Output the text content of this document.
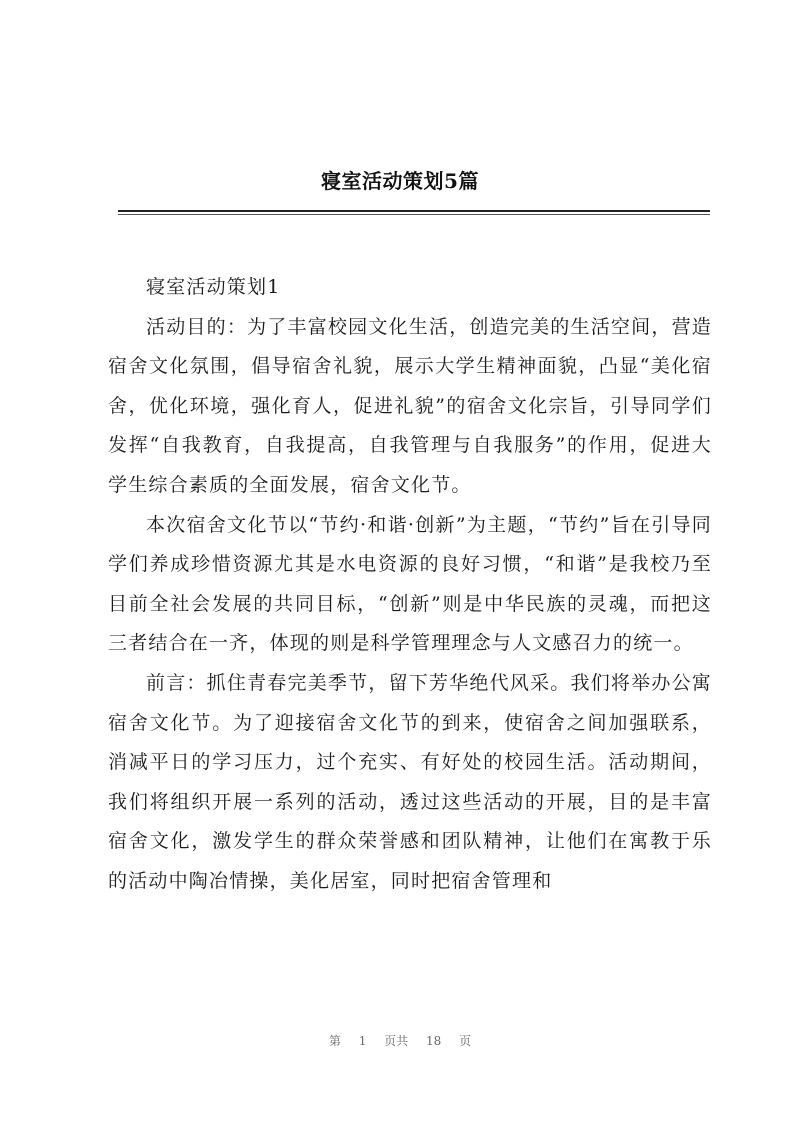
寝室活动策划5篇

寝室活动策划1

活动目的：为了丰富校园文化生活，创造完美的生活空间，营造宿舍文化氛围，倡导宿舍礼貌，展示大学生精神面貌，凸显“美化宿舍，优化环境，强化育人，促进礼貌”的宿舍文化宗旨，引导同学们发挥“自我教育，自我提高，自我管理与自我服务”的作用，促进大学生综合素质的全面发展，宿舍文化节。

本次宿舍文化节以“节约·和谐·创新”为主题，“节约”旨在引导同学们养成珍惜资源尤其是水电资源的良好习惯，“和谐”是我校乃至目前全社会发展的共同目标，“创新”则是中华民族的灵魂，而把这三者结合在一齐，体现的则是科学管理理念与人文感召力的统一。

前言：抓住青春完美季节，留下芳华绝代风采。我们将举办公寓宿舍文化节。为了迎接宿舍文化节的到来，使宿舍之间加强联系，消减平日的学习压力，过个充实、有好处的校园生活。活动期间，我们将组织开展一系列的活动，透过这些活动的开展，目的是丰富宿舍文化，激发学生的群众荣誉感和团队精神，让他们在寓教于乐的活动中陶冶情操，美化居室，同时把宿舍管理和

第 1 页共 18 页
